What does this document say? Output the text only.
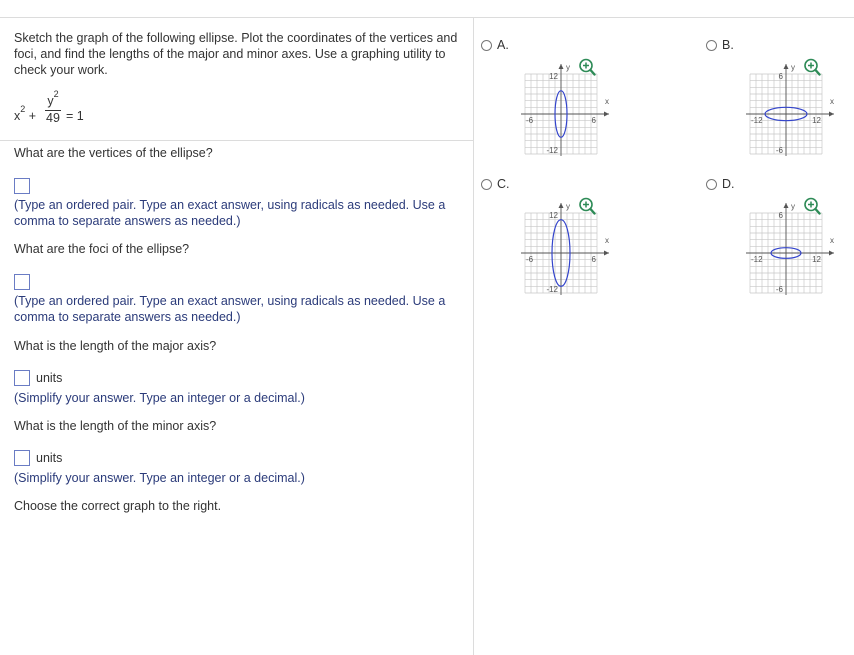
Sketch the graph of the following ellipse. Plot the coordinates of the vertices and foci, and find the lengths of the major and minor axes. Use a graphing utility to check your work.

$x^2$ +
$y^2$
49 = 1
What are the vertices of the ellipse?
(Type an ordered pair. Type an exact answer, using radicals as needed. Use a comma to separate answers as needed.)
What are the foci of the ellipse?
(Type an ordered pair. Type an exact answer, using radicals as needed. Use a comma to separate answers as needed.)
What is the length of the major axis?
units
(Simplify your answer. Type an integer or a decimal.)
What is the length of the minor axis?
units
(Simplify your answer. Type an integer or a decimal.)
Choose the correct graph to the right.
A.
12
-12
-6	6
x
y
B.
6
-6
-12	12
x
y
C.
12
-12
-6	6
x
y
D.
6
-6
-12	12
x
y
